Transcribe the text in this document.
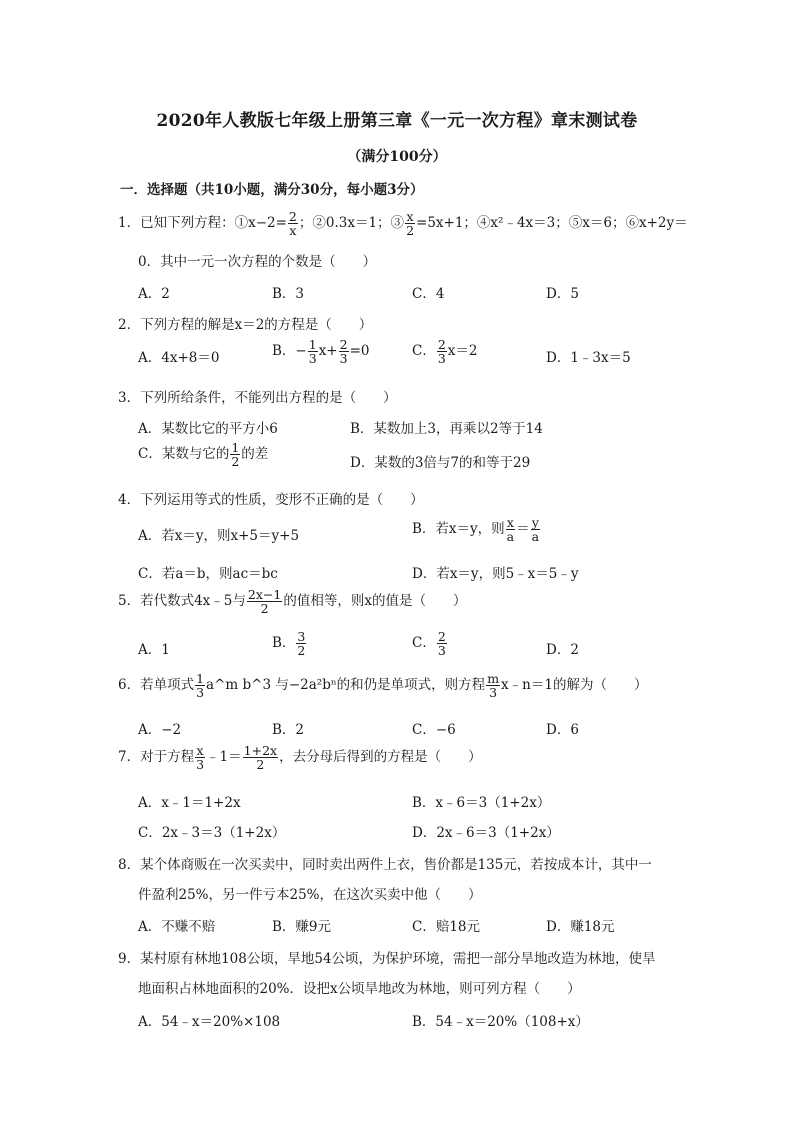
2020年人教版七年级上册第三章《一元一次方程》章末测试卷
（满分100分）
一．选择题（共10小题，满分30分，每小题3分）
1．已知下列方程：①x−2= $\frac{2}{x}$ ；②0.3x＝1；③ $\frac{x}{2} =5x+1$；④x²﹣4x＝3；⑤x＝6；⑥x+2y＝
0．其中一元一次方程的个数是（　　）
A．2	B．3	C．4	D．5
2．下列方程的解是x＝2的方程是（　　）
A．4x+8＝0	B．− $\frac{1}{3} x+ \frac{2}{3} =0$	C． $\frac{2}{3} x=2$	D．1﹣3x＝5
3．下列所给条件，不能列出方程的是（　　）
A．某数比它的平方小6	B．某数加上3，再乘以2等于14
C．某数与它的 $\frac{1}{2}$ 的差
D．某数的3倍与7的和等于29
4．下列运用等式的性质，变形不正确的是（　　）
A．若x＝y，则x+5＝y+5	B．若x＝y，则 $\frac{x}{a} = \frac{y}{a}$
C．若a＝b，则ac＝bc	D．若x＝y，则5﹣x＝5﹣y
5．若代数式4x﹣5与 $\frac{2x-1}{2}$ 的值相等，则x的值是（　　）
A．1	B． $\frac{3}{2}$	C． $\frac{2}{3}$	D．2
6．若单项式 $\frac{1}{3}$ a^m b^3 与−2a²bⁿ的和仍是单项式，则方程 $\frac{m}{3}$ x﹣n＝1的解为（　　）
A．−2	B．2	C．−6	D．6
7．对于方程 $\frac{x}{3}$ ﹣1＝ $\frac{1+2x}{2}$ ，去分母后得到的方程是（　　）
A．x﹣1＝1+2x	B．x﹣6＝3（1+2x）
C．2x﹣3＝3（1+2x）	D．2x﹣6＝3（1+2x）
8．某个体商贩在一次买卖中，同时卖出两件上衣，售价都是135元，若按成本计，其中一
件盈利25%，另一件亏本25%，在这次买卖中他（　　）
A．不赚不赔	B．赚9元	C．赔18元	D．赚18元
9．某村原有林地108公顷，旱地54公顷，为保护环境，需把一部分旱地改造为林地，使旱
地面积占林地面积的20%．设把x公顷旱地改为林地，则可列方程（　　）
A．54﹣x＝20%×108	B．54﹣x＝20%（108+x）
